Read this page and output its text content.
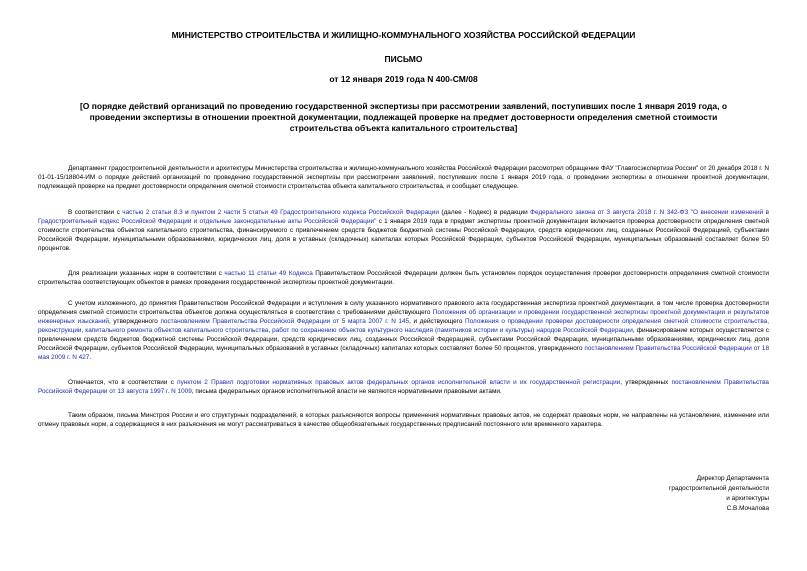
МИНИСТЕРСТВО СТРОИТЕЛЬСТВА И ЖИЛИЩНО-КОММУНАЛЬНОГО ХОЗЯЙСТВА РОССИЙСКОЙ ФЕДЕРАЦИИ
ПИСЬМО
от 12 января 2019 года N 400-СМ/08
[О порядке действий организаций по проведению государственной экспертизы при рассмотрении заявлений, поступивших после 1 января 2019 года, о проведении экспертизы в отношении проектной документации, подлежащей проверке на предмет достоверности определения сметной стоимости строительства объекта капитального строительства]
Департамент градостроительной деятельности и архитектуры Министерства строительства и жилищно-коммунального хозяйства Российской Федерации рассмотрел обращение ФАУ "Главгосэкспертиза России" от 20 декабря 2018 г. N 01-01-15/18804-ИМ о порядке действий организаций по проведению государственной экспертизы при рассмотрении заявлений, поступивших после 1 января 2019 года, о проведении экспертизы в отношении проектной документации, подлежащей проверке на предмет достоверности определения сметной стоимости строительства объекта капитального строительства, и сообщает следующее.
В соответствии с частью 2 статьи 8.3 и пунктом 2 части 5 статьи 49 Градостроительного кодекса Российской Федерации (далее - Кодекс) в редакции Федерального закона от 3 августа 2018 г. N 342-ФЗ "О внесении изменений в Градостроительный кодекс Российской Федерации и отдельные законодательные акты Российской Федерации" с 1 января 2019 года в предмет экспертизы проектной документации включается проверка достоверности определения сметной стоимости строительства объектов капитального строительства, финансируемого с привлечением средств бюджетов бюджетной системы Российской Федерации, средств юридических лиц, созданных Российской Федерацией, субъектами Российской Федерации, муниципальными образованиями, юридических лиц, доля в уставных (складочных) капиталах которых Российской Федерации, субъектов Российской Федерации, муниципальных образований составляет более 50 процентов.
Для реализации указанных норм в соответствии с частью 11 статьи 49 Кодекса Правительством Российской Федерации должен быть установлен порядок осуществления проверки достоверности определения сметной стоимости строительства соответствующих объектов в рамках проведения государственной экспертизы проектной документации.
С учетом изложенного, до принятия Правительством Российской Федерации и вступления в силу указанного нормативного правового акта государственная экспертиза проектной документации, в том числе проверка достоверности определения сметной стоимости строительства объектов должна осуществляться в соответствии с требованиями действующего Положения об организации и проведении государственной экспертизы проектной документации и результатов инженерных изысканий, утвержденного постановлением Правительства Российской Федерации от 5 марта 2007 г. N 145, и действующего Положения о проведении проверки достоверности определения сметной стоимости строительства, реконструкции, капитального ремонта объектов капитального строительства, работ по сохранению объектов культурного наследия (памятников истории и культуры) народов Российской Федерации, финансирование которых осуществляется с привлечением средств бюджетов бюджетной системы Российской Федерации, средств юридических лиц, созданных Российской Федерацией, субъектами Российской Федерации, муниципальными образованиями, юридических лиц, доля Российской Федерации, субъектов Российской Федерации, муниципальных образований в уставных (складочных) капиталах которых составляет более 50 процентов, утвержденного постановлением Правительства Российской Федерации от 18 мая 2009 г. N 427.
Отмечается, что в соответствии с пунктом 2 Правил подготовки нормативных правовых актов федеральных органов исполнительной власти и их государственной регистрации, утвержденных постановлением Правительства Российской Федерации от 13 августа 1997 г. N 1009, письма федеральных органов исполнительной власти не являются нормативными правовыми актами.
Таким образом, письма Минстроя России и его структурных подразделений, в которых разъясняются вопросы применения нормативных правовых актов, не содержат правовых норм, не направлены на установление, изменение или отмену правовых норм, а содержащиеся в них разъяснения не могут рассматриваться в качестве общеобязательных государственных предписаний постоянного или временного характера.
Директор Департамента
градостроительной деятельности
и архитектуры
С.В.Мочалова
